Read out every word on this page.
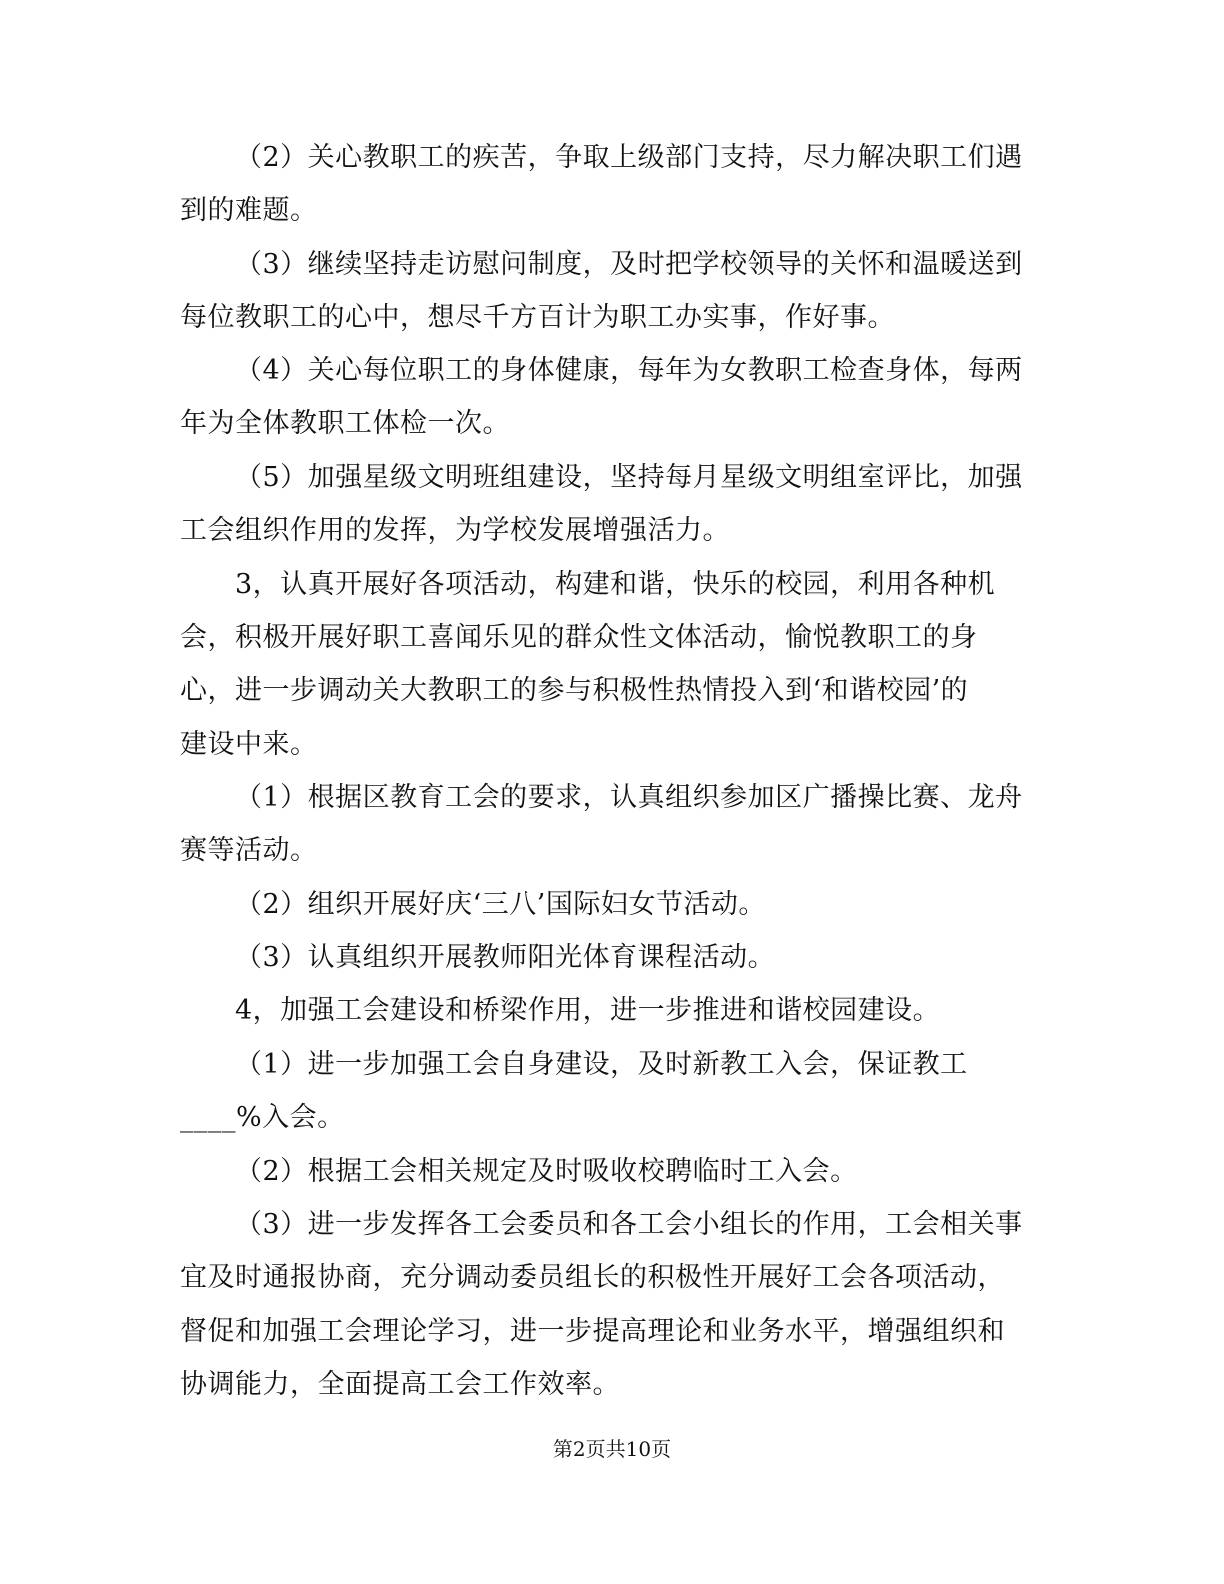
（2）关心教职工的疾苦，争取上级部门支持，尽力解决职工们遇
到的难题。
（3）继续坚持走访慰问制度，及时把学校领导的关怀和温暖送到
每位教职工的心中，想尽千方百计为职工办实事，作好事。
（4）关心每位职工的身体健康，每年为女教职工检查身体，每两
年为全体教职工体检一次。
（5）加强星级文明班组建设，坚持每月星级文明组室评比，加强
工会组织作用的发挥，为学校发展增强活力。
3，认真开展好各项活动，构建和谐，快乐的校园，利用各种机
会，积极开展好职工喜闻乐见的群众性文体活动，愉悦教职工的身
心，进一步调动关大教职工的参与积极性热情投入到‘和谐校园’的
建设中来。
（1）根据区教育工会的要求，认真组织参加区广播操比赛、龙舟
赛等活动。
（2）组织开展好庆‘三八’国际妇女节活动。
（3）认真组织开展教师阳光体育课程活动。
4，加强工会建设和桥梁作用，进一步推进和谐校园建设。
（1）进一步加强工会自身建设，及时新教工入会，保证教工
____%入会。
（2）根据工会相关规定及时吸收校聘临时工入会。
（3）进一步发挥各工会委员和各工会小组长的作用，工会相关事
宜及时通报协商，充分调动委员组长的积极性开展好工会各项活动，
督促和加强工会理论学习，进一步提高理论和业务水平，增强组织和
协调能力，全面提高工会工作效率。
第2页共10页
